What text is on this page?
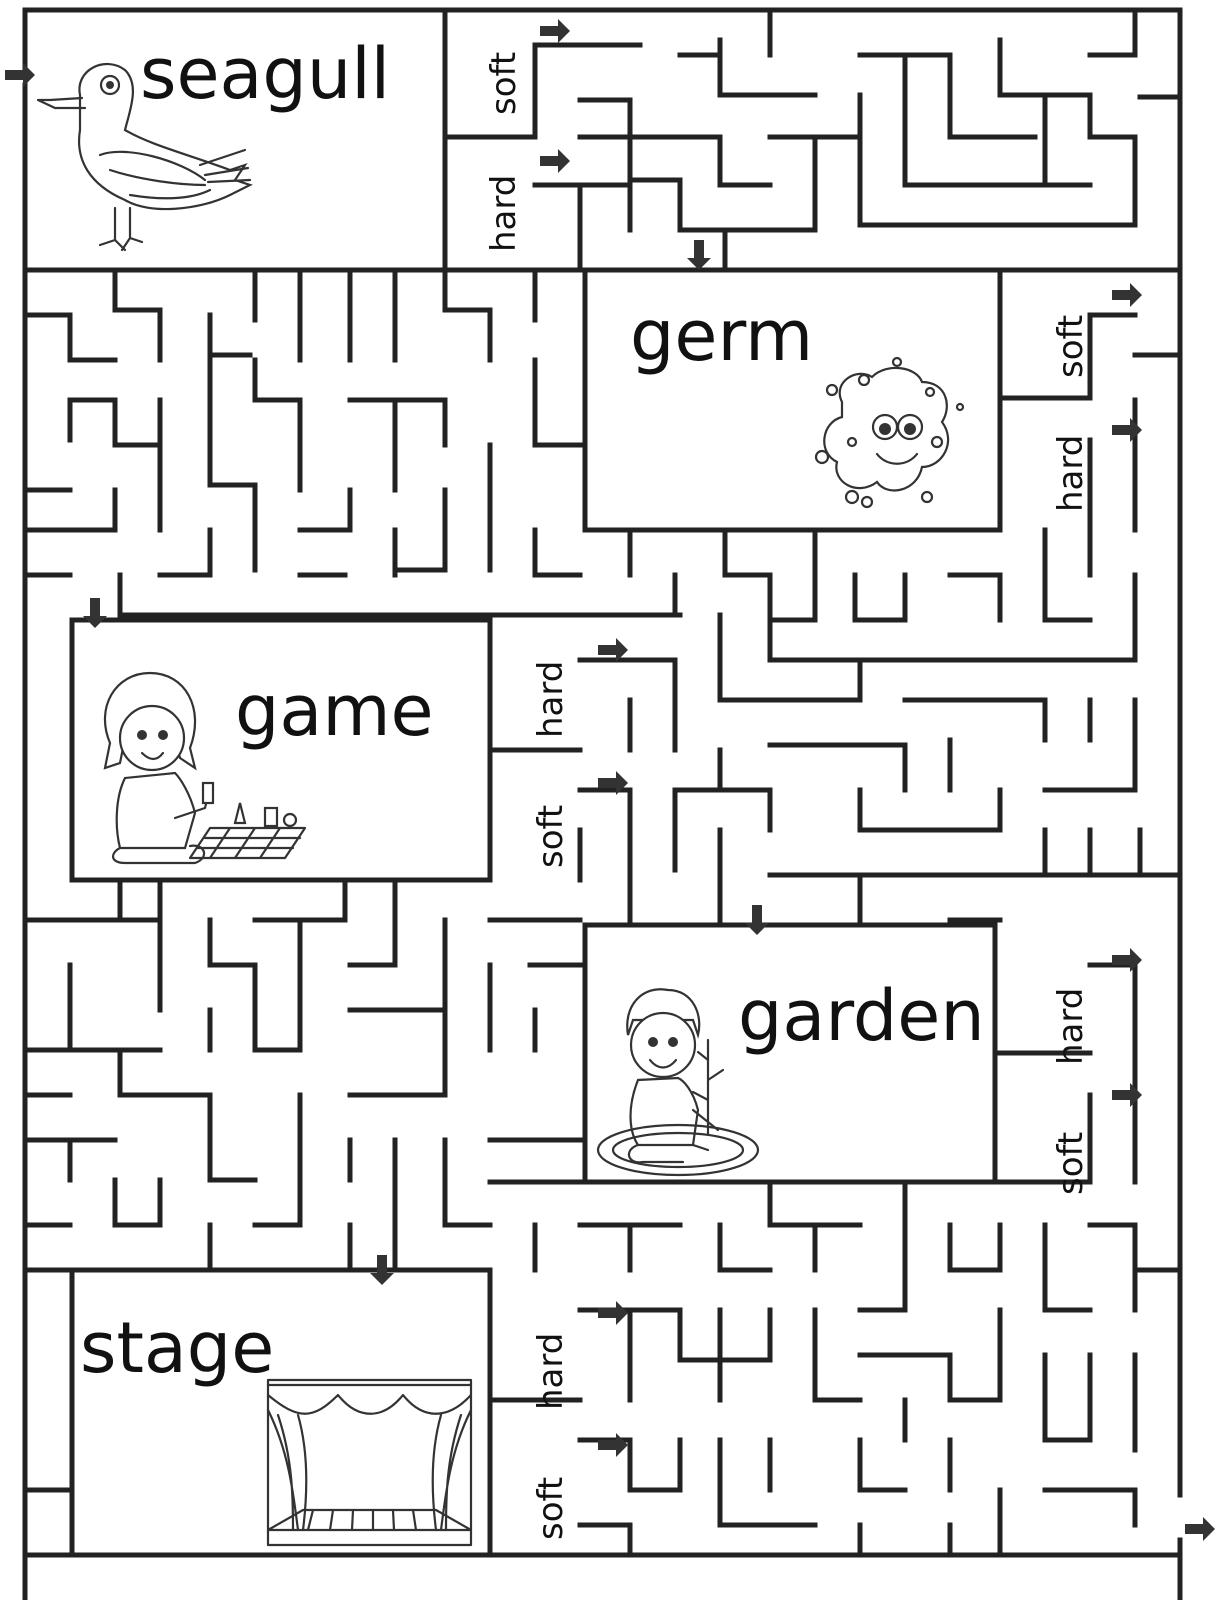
seagull
germ
game
garden
stage
soft
hard
soft
hard
hard
soft
hard
soft
hard
soft
